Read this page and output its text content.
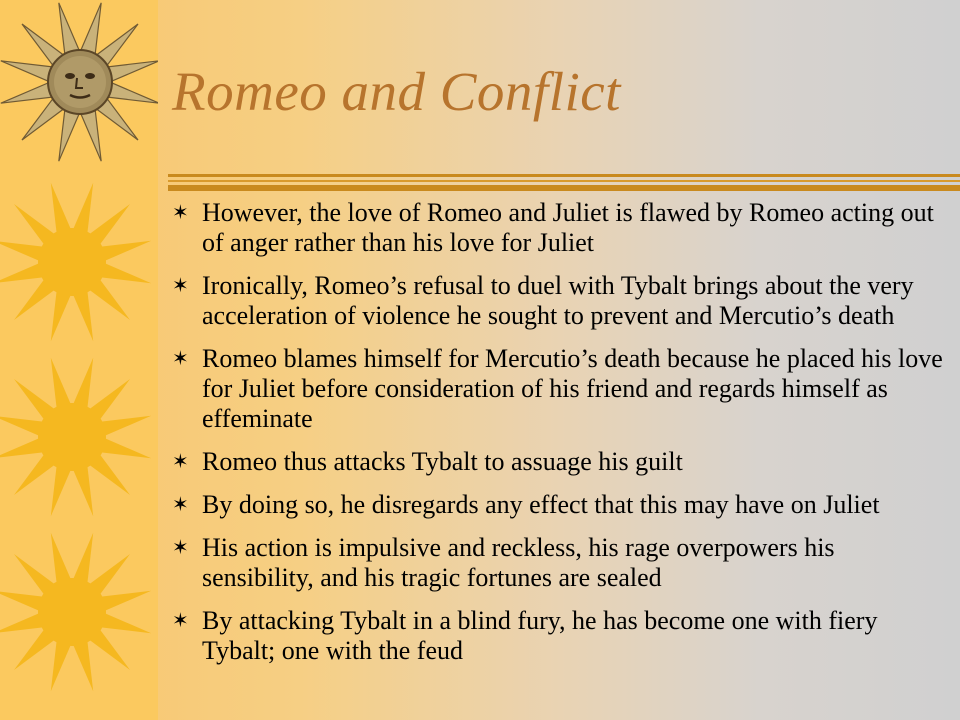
Romeo and Conflict
✶ However, the love of Romeo and Juliet is flawed by Romeo acting out of anger rather than his love for Juliet
✶ Ironically, Romeo’s refusal to duel with Tybalt brings about the very acceleration of violence he sought to prevent and Mercutio’s death
✶ Romeo blames himself for Mercutio’s death because he placed his love for Juliet before consideration of his friend and regards himself as effeminate
✶ Romeo thus attacks Tybalt to assuage his guilt
✶ By doing so, he disregards any effect that this may have on Juliet
✶ His action is impulsive and reckless, his rage overpowers his sensibility, and his tragic fortunes are sealed
✶ By attacking Tybalt in a blind fury, he has become one with fiery Tybalt; one with the feud
